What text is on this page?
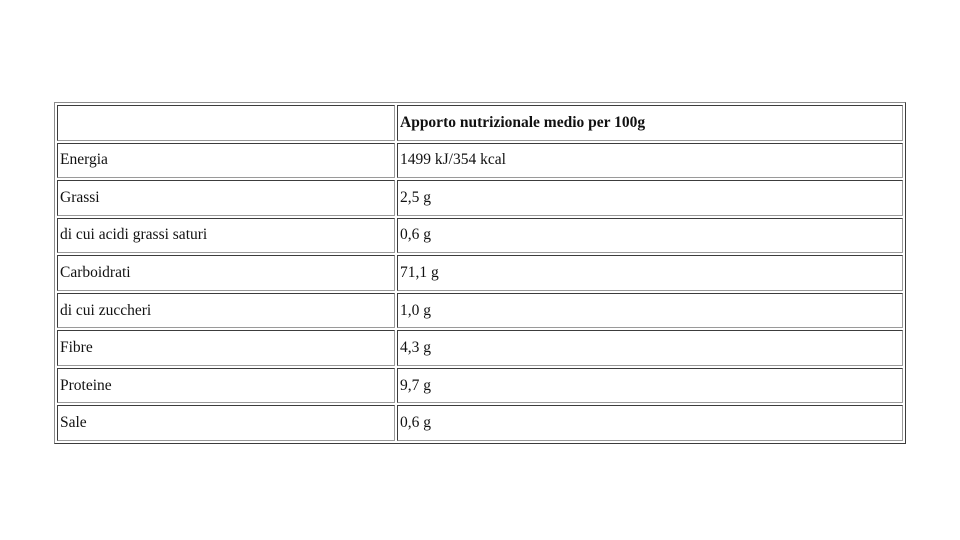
	Apporto nutrizionale medio per 100g
Energia	1499 kJ/354 kcal
Grassi	2,5 g
di cui acidi grassi saturi	0,6 g
Carboidrati	71,1 g
di cui zuccheri	1,0 g
Fibre	4,3 g
Proteine	9,7 g
Sale	0,6 g
